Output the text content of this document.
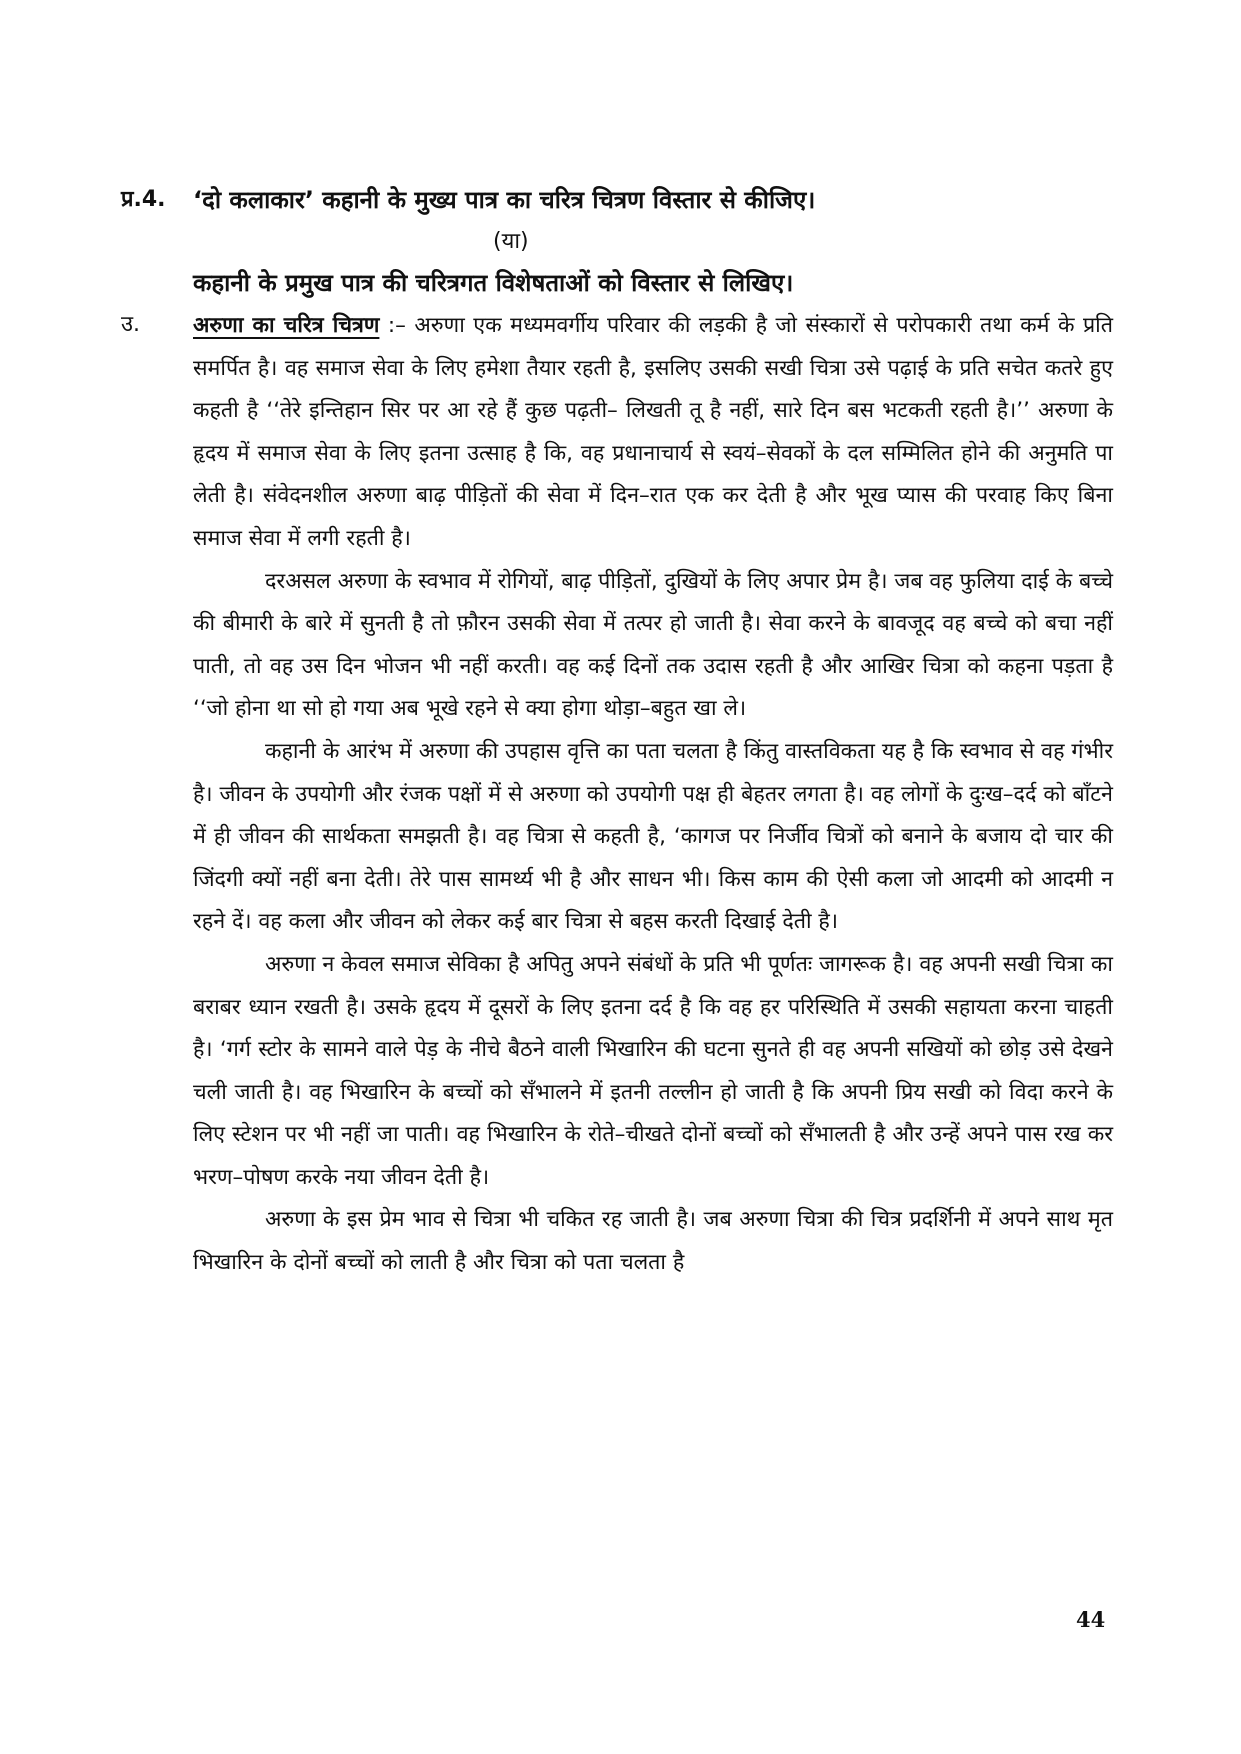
प्र.4. ‘दो कलाकार’ कहानी के मुख्य पात्र का चरित्र चित्रण विस्तार से कीजिए।
(या)
कहानी के प्रमुख पात्र की चरित्रगत विशेषताओं को विस्तार से लिखिए।
उ. अरुणा का चरित्र चित्रण :– अरुणा एक मध्यमवर्गीय परिवार की लड़की है जो संस्कारों से परोपकारी तथा कर्म के प्रति समर्पित है। वह समाज सेवा के लिए हमेशा तैयार रहती है, इसलिए उसकी सखी चित्रा उसे पढ़ाई के प्रति सचेत कतरे हुए कहती है ‘‘तेरे इन्तिहान सिर पर आ रहे हैं कुछ पढ़ती– लिखती तू है नहीं, सारे दिन बस भटकती रहती है।’’ अरुणा के हृदय में समाज सेवा के लिए इतना उत्साह है कि, वह प्रधानाचार्य से स्वयं–सेवकों के दल सम्मिलित होने की अनुमति पा लेती है। संवेदनशील अरुणा बाढ़ पीड़ितों की सेवा में दिन–रात एक कर देती है और भूख प्यास की परवाह किए बिना समाज सेवा में लगी रहती है।

दरअसल अरुणा के स्वभाव में रोगियों, बाढ़ पीड़ितों, दुखियों के लिए अपार प्रेम है। जब वह फुलिया दाई के बच्चे की बीमारी के बारे में सुनती है तो फ़ौरन उसकी सेवा में तत्पर हो जाती है। सेवा करने के बावजूद वह बच्चे को बचा नहीं पाती, तो वह उस दिन भोजन भी नहीं करती। वह कई दिनों तक उदास रहती है और आखिर चित्रा को कहना पड़ता है ‘‘जो होना था सो हो गया अब भूखे रहने से क्या होगा थोड़ा–बहुत खा ले।

कहानी के आरंभ में अरुणा की उपहास वृत्ति का पता चलता है किंतु वास्तविकता यह है कि स्वभाव से वह गंभीर है। जीवन के उपयोगी और रंजक पक्षों में से अरुणा को उपयोगी पक्ष ही बेहतर लगता है। वह लोगों के दुःख–दर्द को बाँटने में ही जीवन की सार्थकता समझती है। वह चित्रा से कहती है, ‘कागज पर निर्जीव चित्रों को बनाने के बजाय दो चार की जिंदगी क्यों नहीं बना देती। तेरे पास सामर्थ्य भी है और साधन भी। किस काम की ऐसी कला जो आदमी को आदमी न रहने दें। वह कला और जीवन को लेकर कई बार चित्रा से बहस करती दिखाई देती है।

अरुणा न केवल समाज सेविका है अपितु अपने संबंधों के प्रति भी पूर्णतः जागरूक है। वह अपनी सखी चित्रा का बराबर ध्यान रखती है। उसके हृदय में दूसरों के लिए इतना दर्द है कि वह हर परिस्थिति में उसकी सहायता करना चाहती है। ‘गर्ग स्टोर के सामने वाले पेड़ के नीचे बैठने वाली भिखारिन की घटना सुनते ही वह अपनी सखियों को छोड़ उसे देखने चली जाती है। वह भिखारिन के बच्चों को सँभालने में इतनी तल्लीन हो जाती है कि अपनी प्रिय सखी को विदा करने के लिए स्टेशन पर भी नहीं जा पाती। वह भिखारिन के रोते–चीखते दोनों बच्चों को सँभालती है और उन्हें अपने पास रख कर भरण–पोषण करके नया जीवन देती है।

अरुणा के इस प्रेम भाव से चित्रा भी चकित रह जाती है। जब अरुणा चित्रा की चित्र प्रदर्शिनी में अपने साथ मृत भिखारिन के दोनों बच्चों को लाती है और चित्रा को पता चलता है

44
